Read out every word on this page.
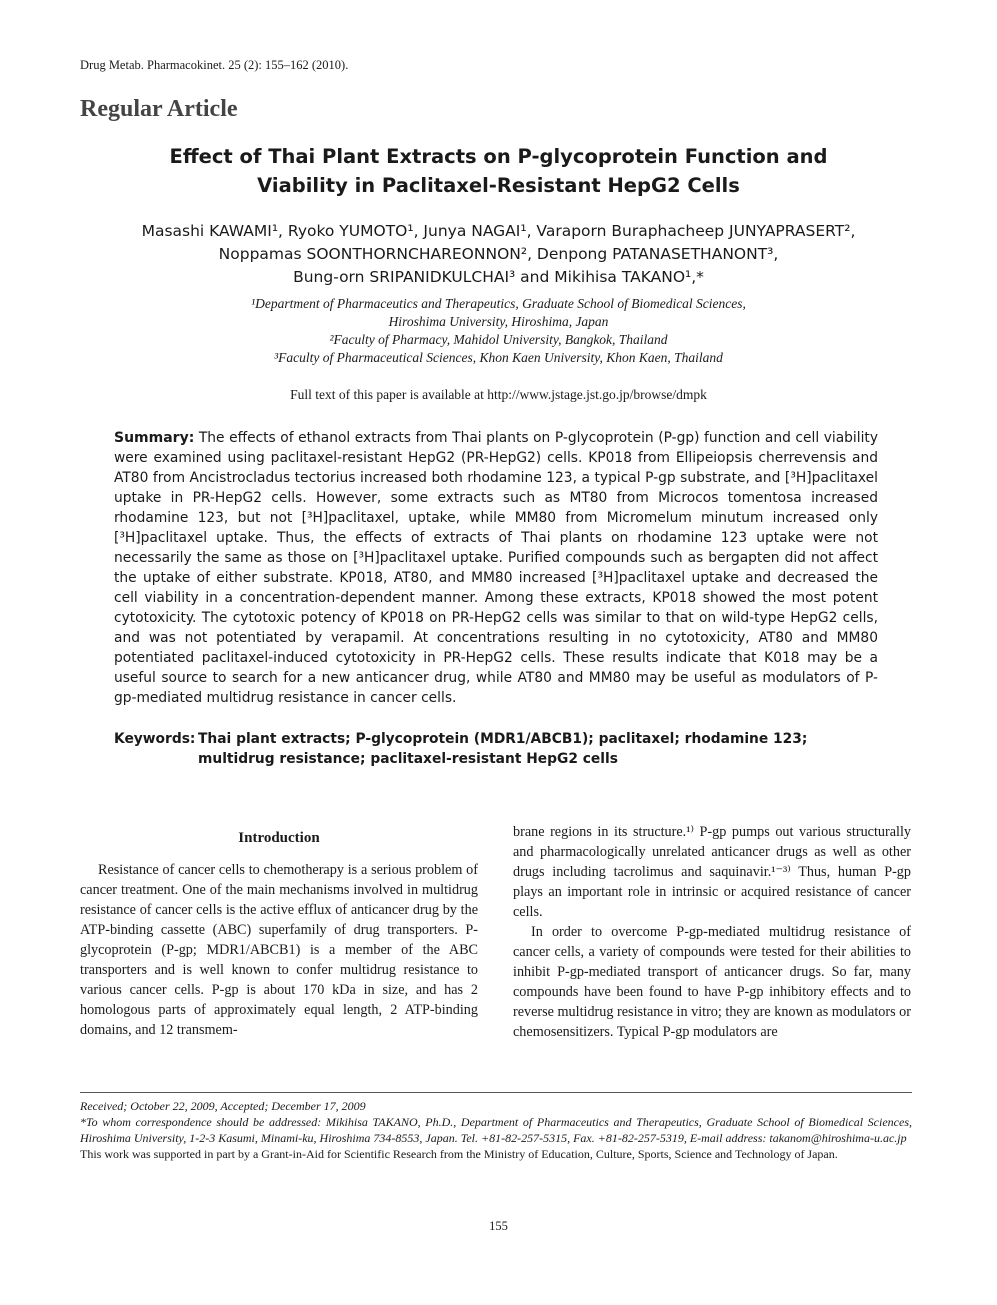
Drug Metab. Pharmacokinet. 25 (2): 155–162 (2010).
Regular Article
Effect of Thai Plant Extracts on P-glycoprotein Function and
Viability in Paclitaxel-Resistant HepG2 Cells
Masashi KAWAMI¹, Ryoko YUMOTO¹, Junya NAGAI¹, Varaporn Buraphacheep JUNYAPRASERT²,
Noppamas SOONTHORNCHAREONNON², Denpong PATANASETHANONT³,
Bung-orn SRIPANIDKULCHAI³ and Mikihisa TAKANO¹,*
¹Department of Pharmaceutics and Therapeutics, Graduate School of Biomedical Sciences,
Hiroshima University, Hiroshima, Japan
²Faculty of Pharmacy, Mahidol University, Bangkok, Thailand
³Faculty of Pharmaceutical Sciences, Khon Kaen University, Khon Kaen, Thailand
Full text of this paper is available at http://www.jstage.jst.go.jp/browse/dmpk
Summary: The effects of ethanol extracts from Thai plants on P-glycoprotein (P-gp) function and cell viability were examined using paclitaxel-resistant HepG2 (PR-HepG2) cells. KP018 from Ellipeiopsis cherrevensis and AT80 from Ancistrocladus tectorius increased both rhodamine 123, a typical P-gp substrate, and [³H]paclitaxel uptake in PR-HepG2 cells. However, some extracts such as MT80 from Microcos tomentosa increased rhodamine 123, but not [³H]paclitaxel, uptake, while MM80 from Micromelum minutum increased only [³H]paclitaxel uptake. Thus, the effects of extracts of Thai plants on rhodamine 123 uptake were not necessarily the same as those on [³H]paclitaxel uptake. Purified compounds such as bergapten did not affect the uptake of either substrate. KP018, AT80, and MM80 increased [³H]paclitaxel uptake and decreased the cell viability in a concentration-dependent manner. Among these extracts, KP018 showed the most potent cytotoxicity. The cytotoxic potency of KP018 on PR-HepG2 cells was similar to that on wild-type HepG2 cells, and was not potentiated by verapamil. At concentrations resulting in no cytotoxicity, AT80 and MM80 potentiated paclitaxel-induced cytotoxicity in PR-HepG2 cells. These results indicate that K018 may be a useful source to search for a new anticancer drug, while AT80 and MM80 may be useful as modulators of P-gp-mediated multidrug resistance in cancer cells.
Keywords: Thai plant extracts; P-glycoprotein (MDR1/ABCB1); paclitaxel; rhodamine 123; multidrug resistance; paclitaxel-resistant HepG2 cells

Introduction

Resistance of cancer cells to chemotherapy is a serious problem of cancer treatment. One of the main mechanisms involved in multidrug resistance of cancer cells is the active efflux of anticancer drug by the ATP-binding cassette (ABC) superfamily of drug transporters. P-glycoprotein (P-gp; MDR1/ABCB1) is a member of the ABC transporters and is well known to confer multidrug resistance to various cancer cells. P-gp is about 170 kDa in size, and has 2 homologous parts of approximately equal length, 2 ATP-binding domains, and 12 transmem-

brane regions in its structure.¹⁾ P-gp pumps out various structurally and pharmacologically unrelated anticancer drugs as well as other drugs including tacrolimus and saquinavir.¹⁻³⁾ Thus, human P-gp plays an important role in intrinsic or acquired resistance of cancer cells.

In order to overcome P-gp-mediated multidrug resistance of cancer cells, a variety of compounds were tested for their abilities to inhibit P-gp-mediated transport of anticancer drugs. So far, many compounds have been found to have P-gp inhibitory effects and to reverse multidrug resistance in vitro; they are known as modulators or chemosensitizers. Typical P-gp modulators are

Received; October 22, 2009, Accepted; December 17, 2009

*To whom correspondence should be addressed: Mikihisa TAKANO, Ph.D., Department of Pharmaceutics and Therapeutics, Graduate School of Biomedical Sciences, Hiroshima University, 1-2-3 Kasumi, Minami-ku, Hiroshima 734-8553, Japan. Tel. +81-82-257-5315, Fax. +81-82-257-5319, E-mail address: takanom@hiroshima-u.ac.jp

This work was supported in part by a Grant-in-Aid for Scientific Research from the Ministry of Education, Culture, Sports, Science and Technology of Japan.

155
